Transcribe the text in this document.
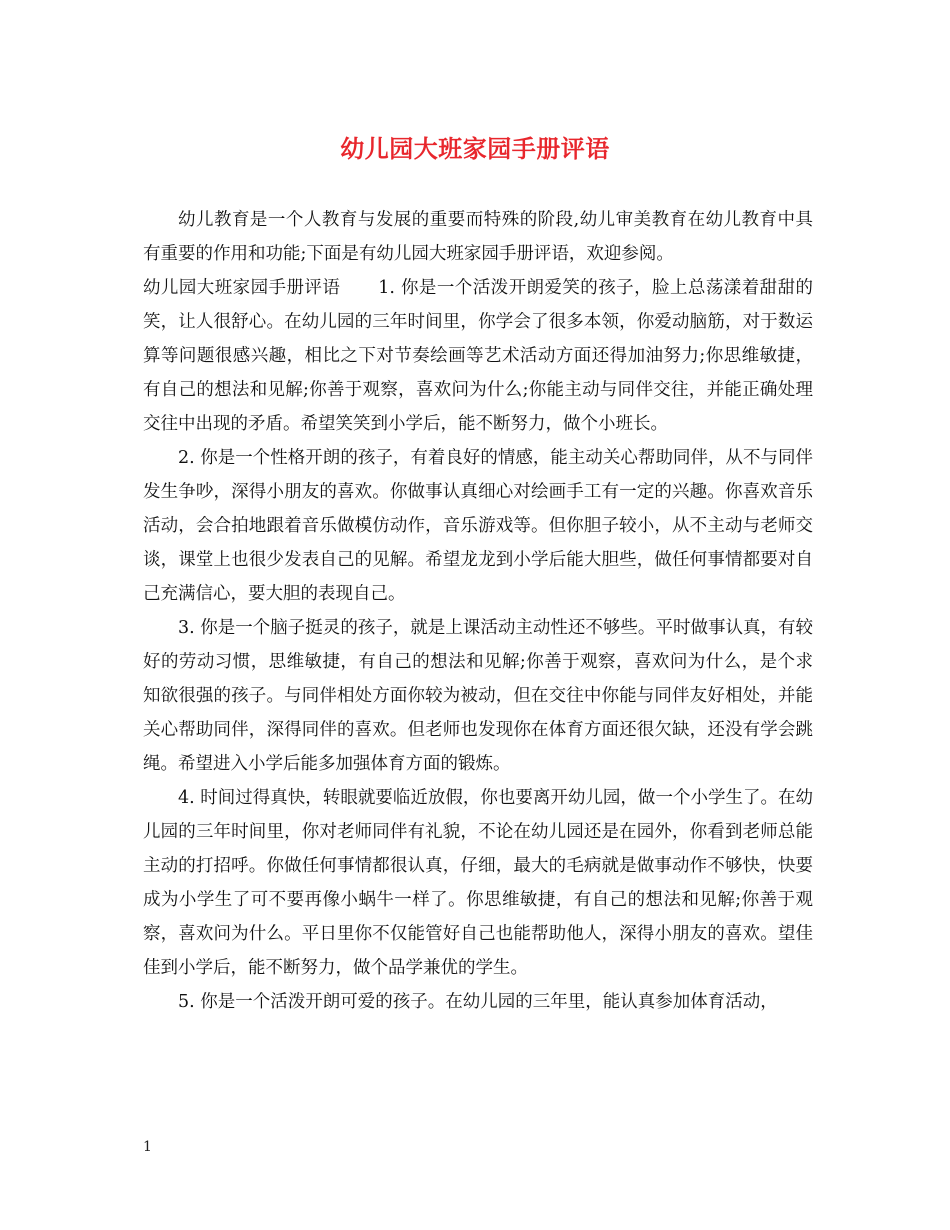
幼儿园大班家园手册评语

幼儿教育是一个人教育与发展的重要而特殊的阶段,幼儿审美教育在幼儿教育中具有重要的作用和功能;下面是有幼儿园大班家园手册评语，欢迎参阅。

幼儿园大班家园手册评语 1. 你是一个活泼开朗爱笑的孩子，脸上总荡漾着甜甜的笑，让人很舒心。在幼儿园的三年时间里，你学会了很多本领，你爱动脑筋，对于数运算等问题很感兴趣，相比之下对节奏绘画等艺术活动方面还得加油努力;你思维敏捷，有自己的想法和见解;你善于观察，喜欢问为什么;你能主动与同伴交往，并能正确处理交往中出现的矛盾。希望笑笑到小学后，能不断努力，做个小班长。

2. 你是一个性格开朗的孩子，有着良好的情感，能主动关心帮助同伴，从不与同伴发生争吵，深得小朋友的喜欢。你做事认真细心对绘画手工有一定的兴趣。你喜欢音乐活动，会合拍地跟着音乐做模仿动作，音乐游戏等。但你胆子较小，从不主动与老师交谈，课堂上也很少发表自己的见解。希望龙龙到小学后能大胆些，做任何事情都要对自己充满信心，要大胆的表现自己。

3. 你是一个脑子挺灵的孩子，就是上课活动主动性还不够些。平时做事认真，有较好的劳动习惯，思维敏捷，有自己的想法和见解;你善于观察，喜欢问为什么，是个求知欲很强的孩子。与同伴相处方面你较为被动，但在交往中你能与同伴友好相处，并能关心帮助同伴，深得同伴的喜欢。但老师也发现你在体育方面还很欠缺，还没有学会跳绳。希望进入小学后能多加强体育方面的锻炼。

4. 时间过得真快，转眼就要临近放假，你也要离开幼儿园，做一个小学生了。在幼儿园的三年时间里，你对老师同伴有礼貌，不论在幼儿园还是在园外，你看到老师总能主动的打招呼。你做任何事情都很认真，仔细，最大的毛病就是做事动作不够快，快要成为小学生了可不要再像小蜗牛一样了。你思维敏捷，有自己的想法和见解;你善于观察，喜欢问为什么。平日里你不仅能管好自己也能帮助他人，深得小朋友的喜欢。望佳佳到小学后，能不断努力，做个品学兼优的学生。

5. 你是一个活泼开朗可爱的孩子。在幼儿园的三年里，能认真参加体育活动，

1
